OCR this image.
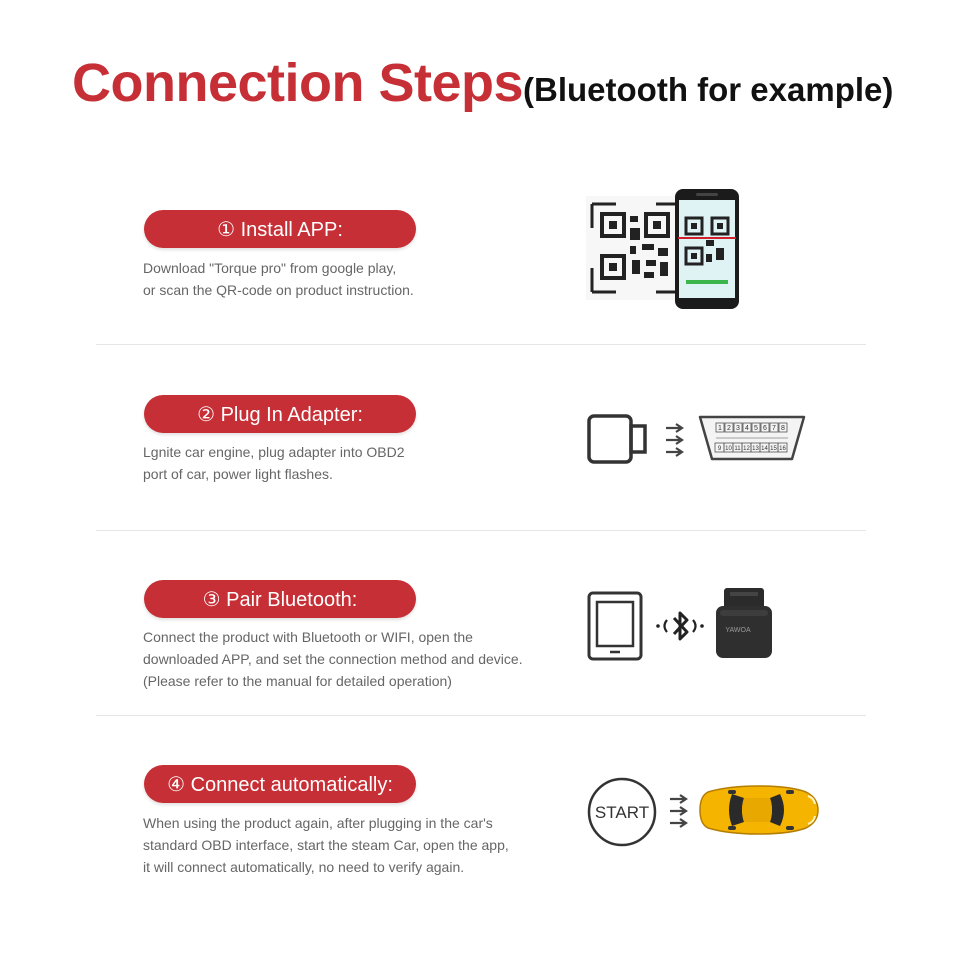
Connection Steps(Bluetooth for example)
① Install APP:
Download "Torque pro" from google play,
or scan the QR-code on product instruction.
② Plug In Adapter:
Lgnite car engine, plug adapter into OBD2
port of car, power light flashes.
1 2 3 4 5 6 7 8
9 10 11 12 13 14 15 16
③ Pair Bluetooth:
Connect the product with Bluetooth or WIFI, open the
downloaded APP, and set the connection method and device.
(Please refer to the manual for detailed operation)
YAWOA
④ Connect automatically:
When using the product again, after plugging in the car's
standard OBD interface, start the steam Car, open the app,
it will connect automatically, no need to verify again.
START
